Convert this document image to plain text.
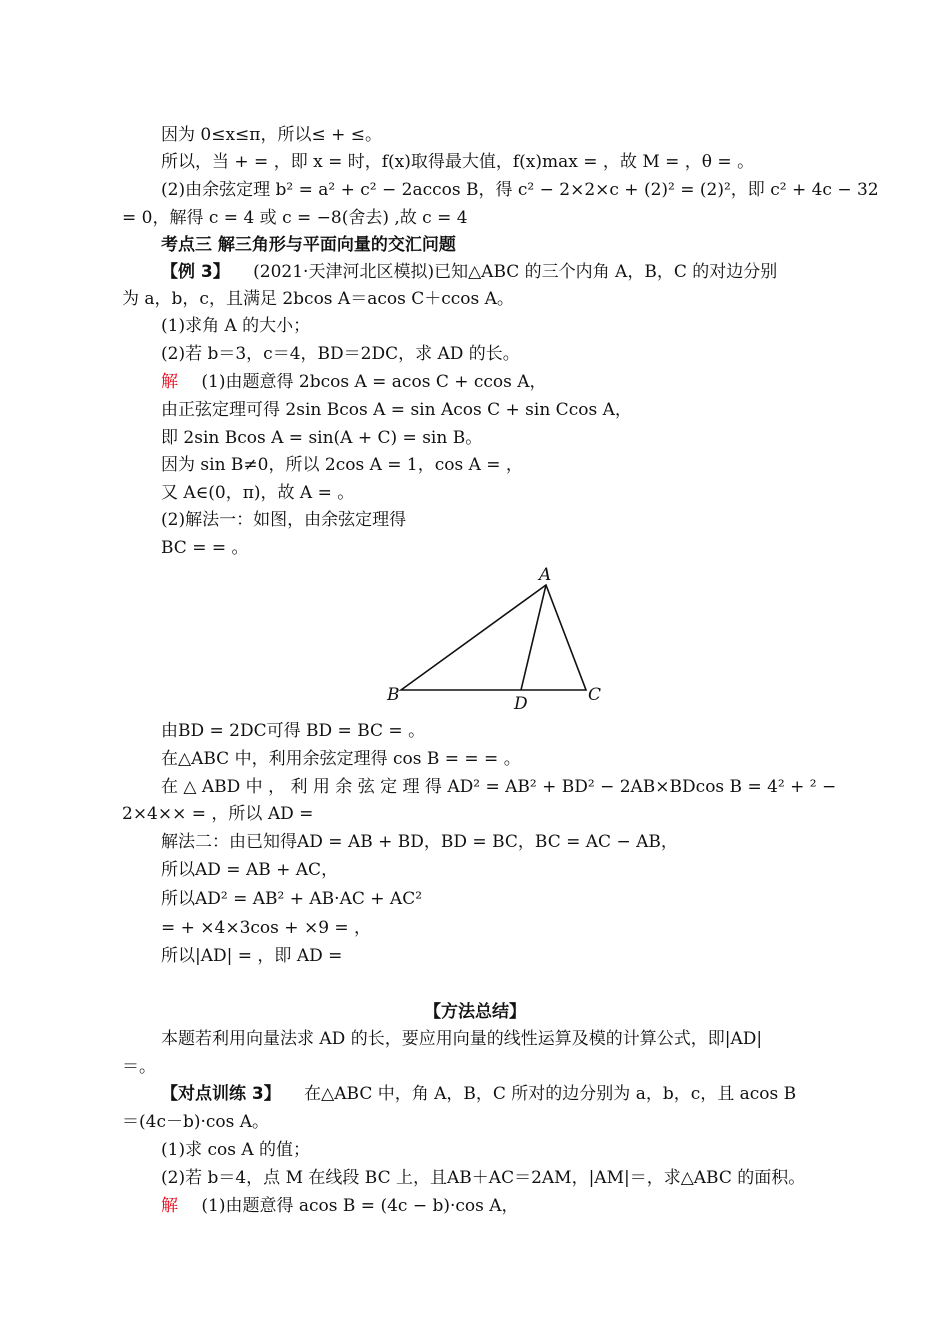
因为 0≤x≤π，所以≤ + ≤。
所以，当 + = ，即 x = 时，f(x)取得最大值，f(x)max = ，故 M = ，θ = 。
(2)由余弦定理 b² = a² + c² − 2accos B，得 c² − 2×2×c + (2)² = (2)²，即 c² + 4c − 32
= 0，解得 c = 4 或 c = −8(舍去) ,故 c = 4
考点三 解三角形与平面向量的交汇问题
【例 3】 (2021·天津河北区模拟)已知△ABC 的三个内角 A，B，C 的对边分别
为 a，b，c，且满足 2bcos A＝acos C＋ccos A。
(1)求角 A 的大小；
(2)若 b＝3，c＝4，BD＝2DC，求 AD 的长。
解 (1)由题意得 2bcos A = acos C + ccos A，
由正弦定理可得 2sin Bcos A = sin Acos C + sin Ccos A，
即 2sin Bcos A = sin(A + C) = sin B。
因为 sin B≠0，所以 2cos A = 1，cos A = ，
又 A∈(0，π)，故 A = 。
(2)解法一：如图，由余弦定理得
BC = = 。
A
B	C
D
由BD = 2DC可得 BD = BC = 。
在△ABC 中，利用余弦定理得 cos B = = = 。
在 △ ABD 中 ， 利 用 余 弦 定 理 得 AD² = AB² + BD² − 2AB×BDcos B = 4² + ² −
2×4×× = ，所以 AD =
解法二：由已知得AD = AB + BD，BD = BC，BC = AC − AB，
所以AD = AB + AC，
所以AD² = AB² + AB·AC + AC²
= + ×4×3cos + ×9 = ，
所以|AD| = ，即 AD =
【方法总结】
本题若利用向量法求 AD 的长，要应用向量的线性运算及模的计算公式，即|AD|
＝。
【对点训练 3】 在△ABC 中，角 A，B，C 所对的边分别为 a，b，c，且 acos B
＝(4c－b)·cos A。
(1)求 cos A 的值；
(2)若 b＝4，点 M 在线段 BC 上，且AB＋AC＝2AM，|AM|＝，求△ABC 的面积。
解 (1)由题意得 acos B = (4c − b)·cos A，
